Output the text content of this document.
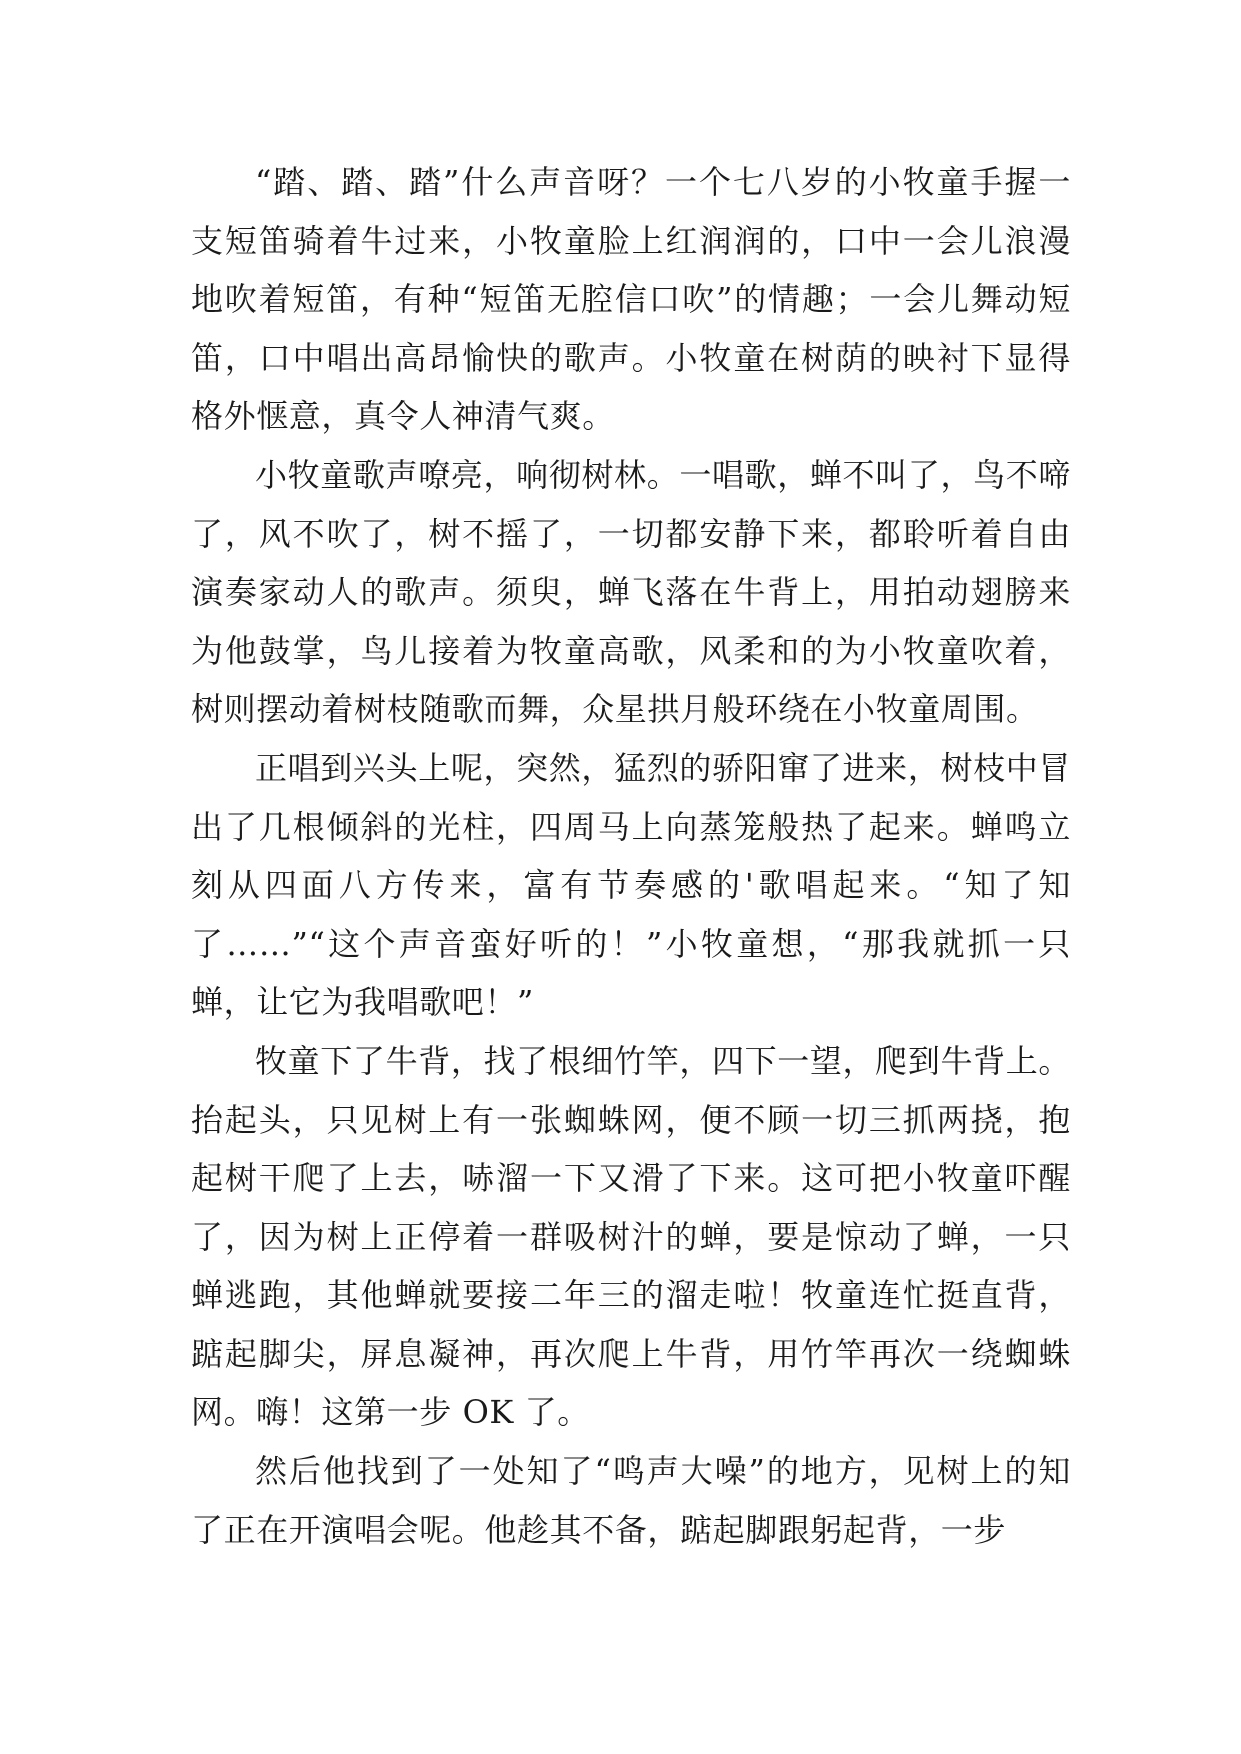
“踏、踏、踏”什么声音呀？一个七八岁的小牧童手握一支短笛骑着牛过来，小牧童脸上红润润的，口中一会儿浪漫地吹着短笛，有种“短笛无腔信口吹”的情趣；一会儿舞动短笛，口中唱出高昂愉快的歌声。小牧童在树荫的映衬下显得格外惬意，真令人神清气爽。

小牧童歌声嘹亮，响彻树林。一唱歌，蝉不叫了，鸟不啼了，风不吹了，树不摇了，一切都安静下来，都聆听着自由演奏家动人的歌声。须臾，蝉飞落在牛背上，用拍动翅膀来为他鼓掌，鸟儿接着为牧童高歌，风柔和的为小牧童吹着，树则摆动着树枝随歌而舞，众星拱月般环绕在小牧童周围。

正唱到兴头上呢，突然，猛烈的骄阳窜了进来，树枝中冒出了几根倾斜的光柱，四周马上向蒸笼般热了起来。蝉鸣立刻从四面八方传来，富有节奏感的'歌唱起来。“知了知了……”“这个声音蛮好听的！”小牧童想，“那我就抓一只蝉，让它为我唱歌吧！”

牧童下了牛背，找了根细竹竿，四下一望，爬到牛背上。抬起头，只见树上有一张蜘蛛网，便不顾一切三抓两挠，抱起树干爬了上去，哧溜一下又滑了下来。这可把小牧童吓醒了，因为树上正停着一群吸树汁的蝉，要是惊动了蝉，一只蝉逃跑，其他蝉就要接二年三的溜走啦！牧童连忙挺直背，踮起脚尖，屏息凝神，再次爬上牛背，用竹竿再次一绕蜘蛛网。嗨！这第一步 OK 了。

然后他找到了一处知了“鸣声大噪”的地方，见树上的知了正在开演唱会呢。他趁其不备，踮起脚跟躬起背，一步
